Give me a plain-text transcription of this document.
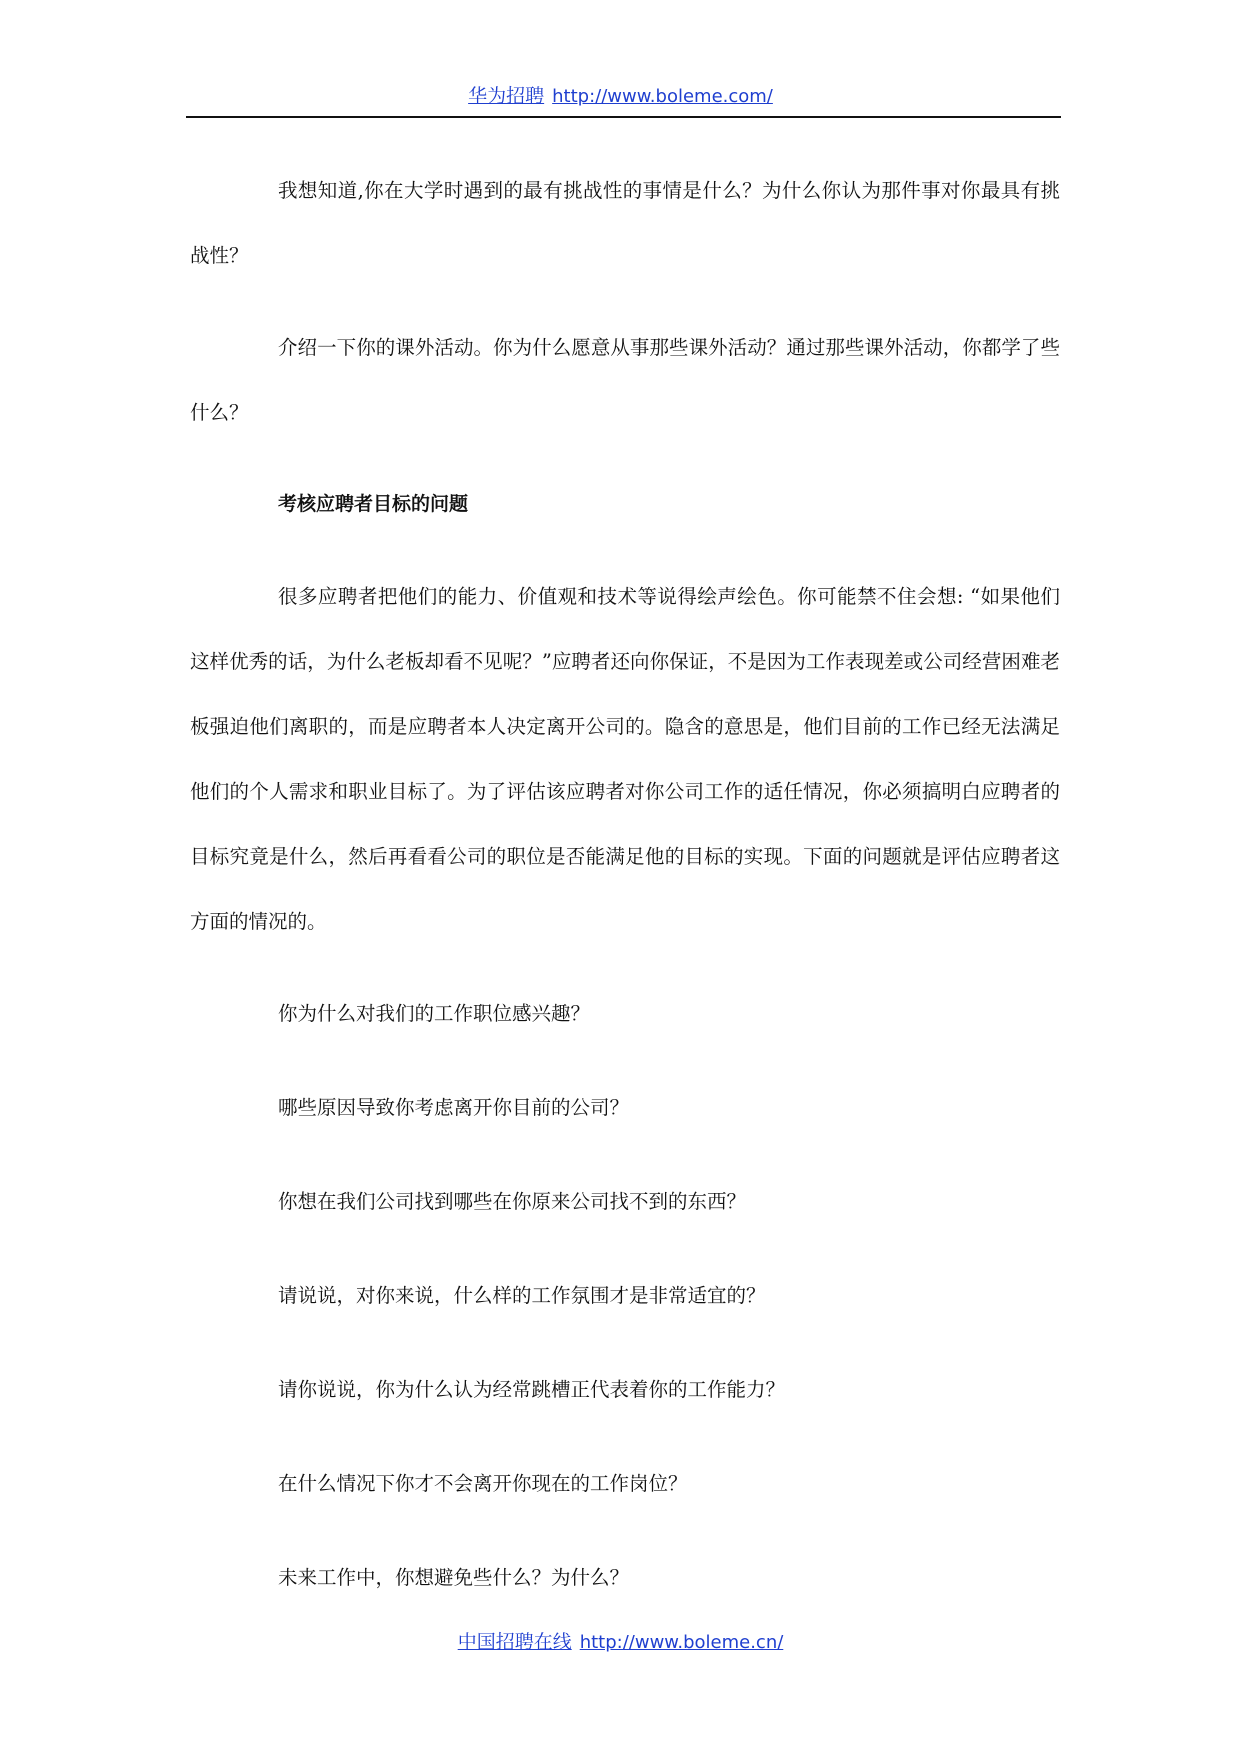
华为招聘 http://www.boleme.com/

我想知道,你在大学时遇到的最有挑战性的事情是什么？为什么你认为那件事对你最具有挑战性？

介绍一下你的课外活动。你为什么愿意从事那些课外活动？通过那些课外活动，你都学了些什么？

考核应聘者目标的问题

很多应聘者把他们的能力、价值观和技术等说得绘声绘色。你可能禁不住会想: “如果他们这样优秀的话，为什么老板却看不见呢？”应聘者还向你保证，不是因为工作表现差或公司经营困难老板强迫他们离职的，而是应聘者本人决定离开公司的。隐含的意思是，他们目前的工作已经无法满足他们的个人需求和职业目标了。为了评估该应聘者对你公司工作的适任情况，你必须搞明白应聘者的目标究竟是什么，然后再看看公司的职位是否能满足他的目标的实现。下面的问题就是评估应聘者这方面的情况的。

你为什么对我们的工作职位感兴趣？

哪些原因导致你考虑离开你目前的公司？

你想在我们公司找到哪些在你原来公司找不到的东西？

请说说，对你来说，什么样的工作氛围才是非常适宜的？

请你说说，你为什么认为经常跳槽正代表着你的工作能力？

在什么情况下你才不会离开你现在的工作岗位？

未来工作中，你想避免些什么？为什么？

中国招聘在线 http://www.boleme.cn/
